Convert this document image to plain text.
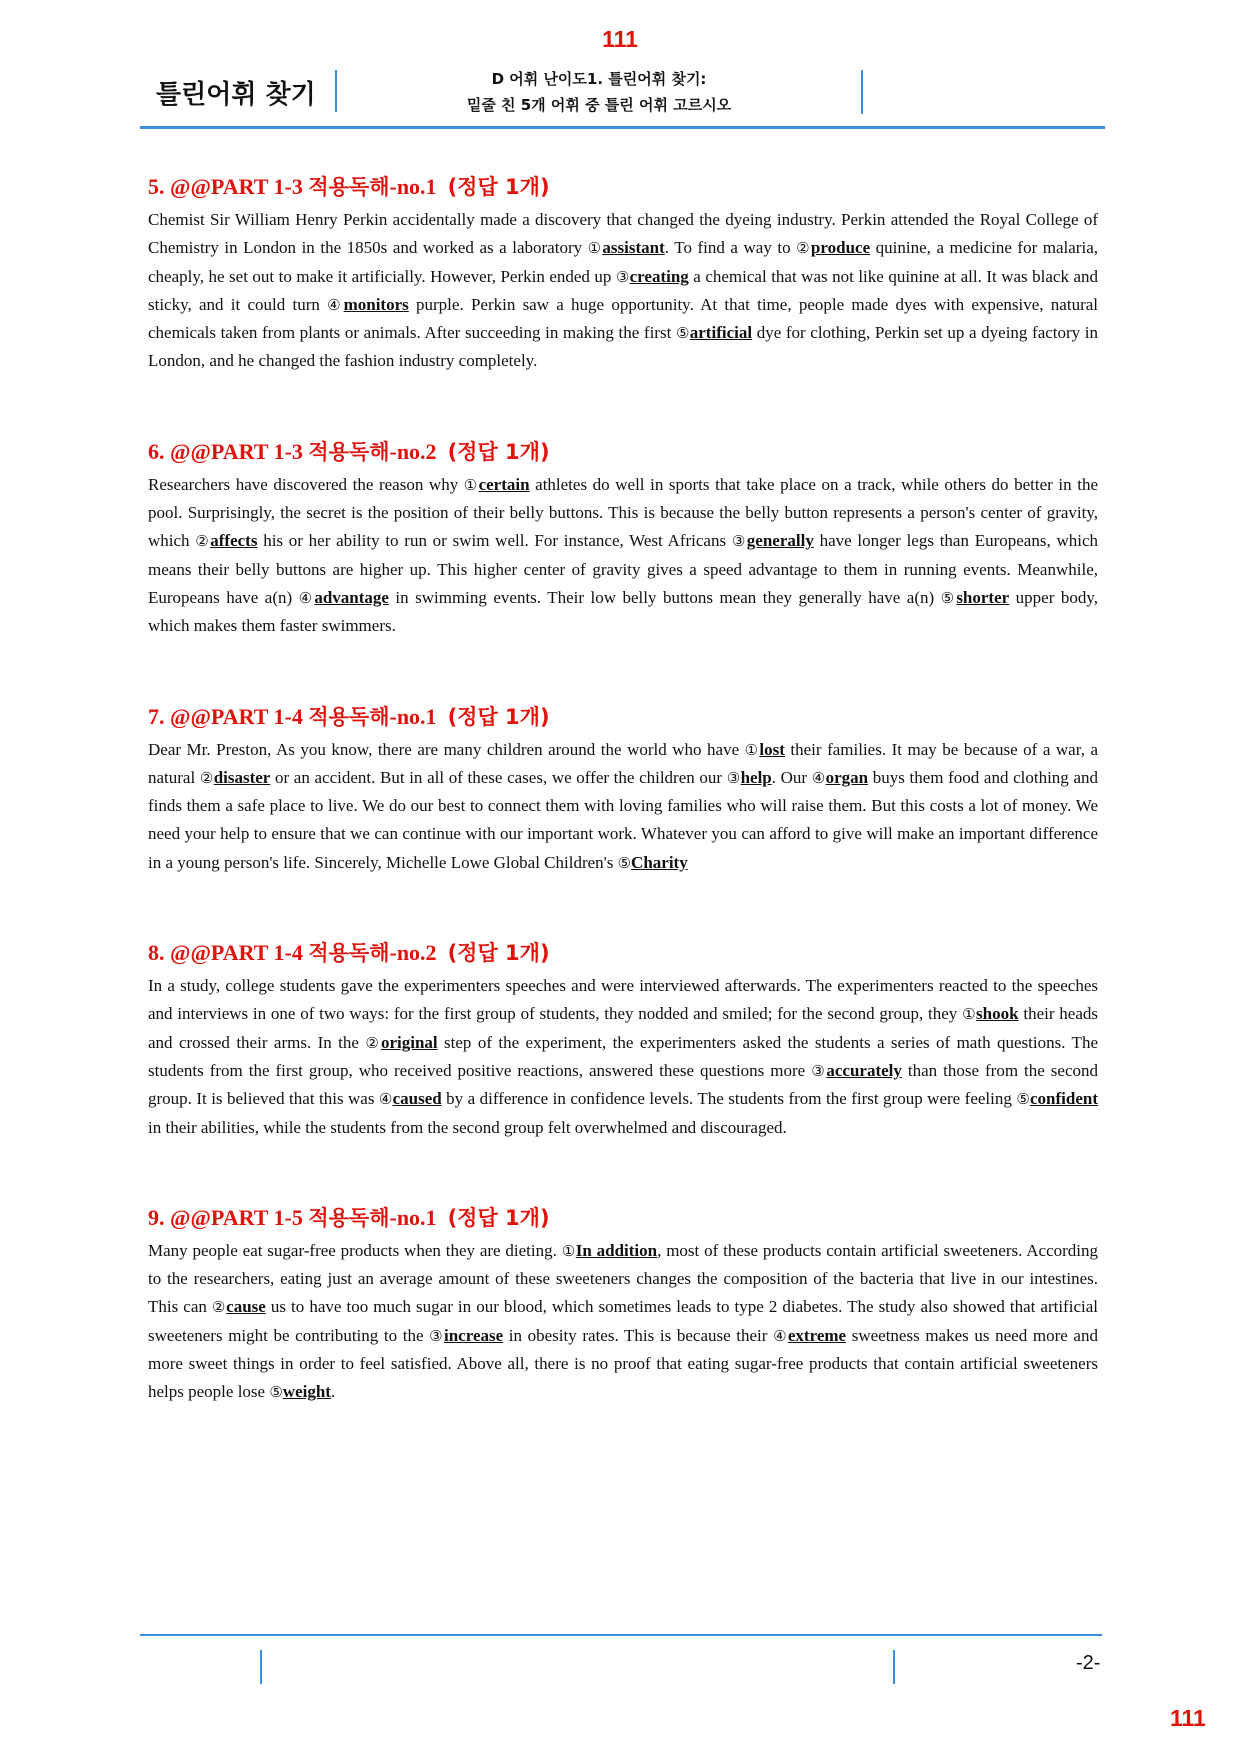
111
틀린어휘 찾기
D 어휘 난이도1. 틀린어휘 찾기:
밑줄 친 5개 어휘 중 틀린 어휘 고르시오
5. @@PART 1-3 적용독해-no.1 (정답 1개)
Chemist Sir William Henry Perkin accidentally made a discovery that changed the dyeing industry. Perkin attended the Royal College of Chemistry in London in the 1850s and worked as a laboratory ①assistant. To find a way to ②produce quinine, a medicine for malaria, cheaply, he set out to make it artificially. However, Perkin ended up ③creating a chemical that was not like quinine at all. It was black and sticky, and it could turn ④monitors purple. Perkin saw a huge opportunity. At that time, people made dyes with expensive, natural chemicals taken from plants or animals. After succeeding in making the first ⑤artificial dye for clothing, Perkin set up a dyeing factory in London, and he changed the fashion industry completely.
6. @@PART 1-3 적용독해-no.2 (정답 1개)
Researchers have discovered the reason why ①certain athletes do well in sports that take place on a track, while others do better in the pool. Surprisingly, the secret is the position of their belly buttons. This is because the belly button represents a person's center of gravity, which ②affects his or her ability to run or swim well. For instance, West Africans ③generally have longer legs than Europeans, which means their belly buttons are higher up. This higher center of gravity gives a speed advantage to them in running events. Meanwhile, Europeans have a(n) ④advantage in swimming events. Their low belly buttons mean they generally have a(n) ⑤shorter upper body, which makes them faster swimmers.
7. @@PART 1-4 적용독해-no.1 (정답 1개)
Dear Mr. Preston, As you know, there are many children around the world who have ①lost their families. It may be because of a war, a natural ②disaster or an accident. But in all of these cases, we offer the children our ③help. Our ④organ buys them food and clothing and finds them a safe place to live. We do our best to connect them with loving families who will raise them. But this costs a lot of money. We need your help to ensure that we can continue with our important work. Whatever you can afford to give will make an important difference in a young person's life. Sincerely, Michelle Lowe Global Children's ⑤Charity
8. @@PART 1-4 적용독해-no.2 (정답 1개)
In a study, college students gave the experimenters speeches and were interviewed afterwards. The experimenters reacted to the speeches and interviews in one of two ways: for the first group of students, they nodded and smiled; for the second group, they ①shook their heads and crossed their arms. In the ②original step of the experiment, the experimenters asked the students a series of math questions. The students from the first group, who received positive reactions, answered these questions more ③accurately than those from the second group. It is believed that this was ④caused by a difference in confidence levels. The students from the first group were feeling ⑤confident in their abilities, while the students from the second group felt overwhelmed and discouraged.
9. @@PART 1-5 적용독해-no.1 (정답 1개)
Many people eat sugar-free products when they are dieting. ①In addition, most of these products contain artificial sweeteners. According to the researchers, eating just an average amount of these sweeteners changes the composition of the bacteria that live in our intestines. This can ②cause us to have too much sugar in our blood, which sometimes leads to type 2 diabetes. The study also showed that artificial sweeteners might be contributing to the ③increase in obesity rates. This is because their ④extreme sweetness makes us need more and more sweet things in order to feel satisfied. Above all, there is no proof that eating sugar-free products that contain artificial sweeteners helps people lose ⑤weight.
-2-
111
